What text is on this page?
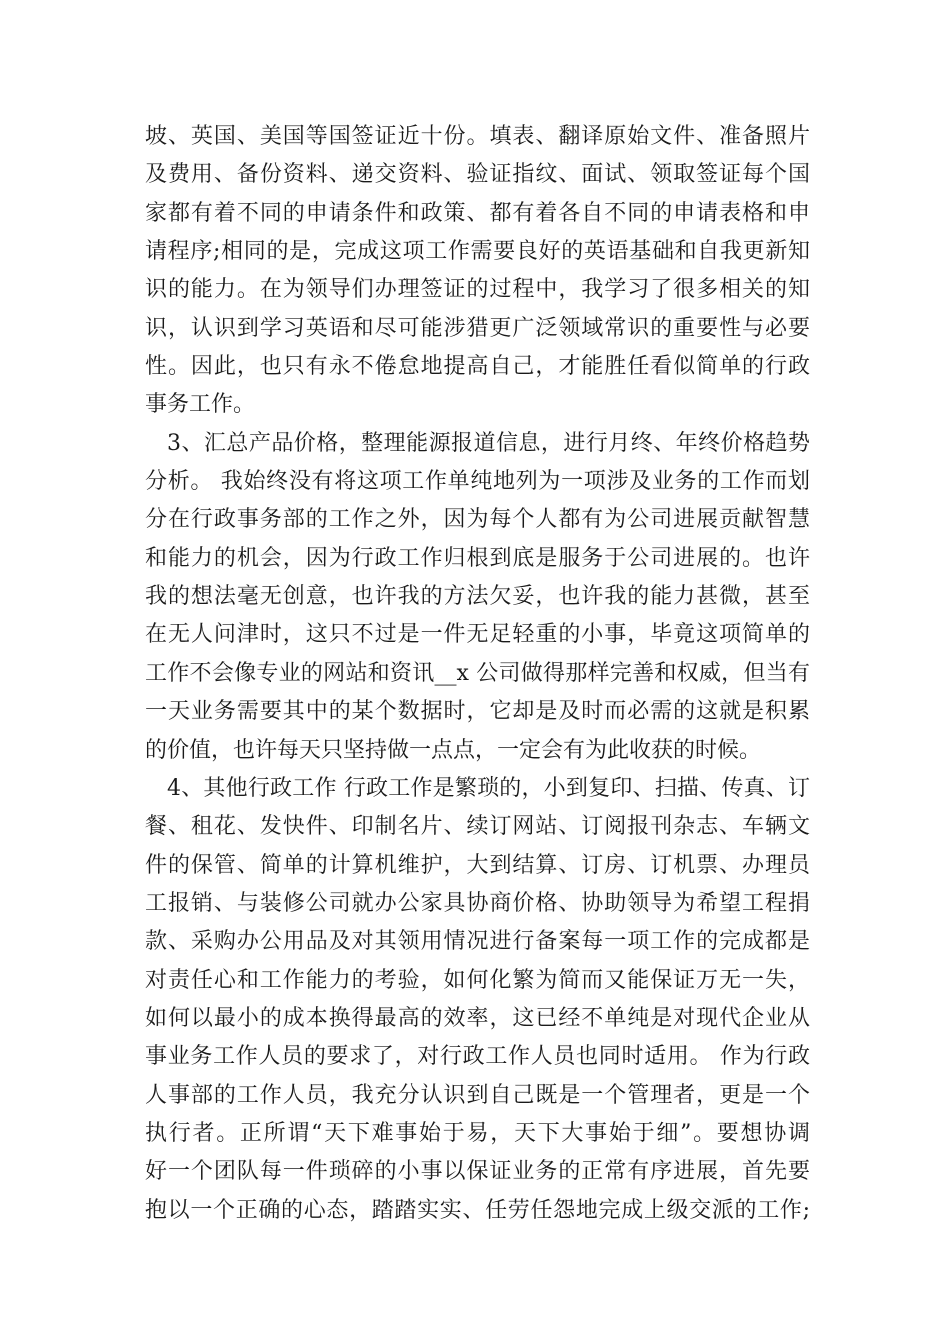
坡、英国、美国等国签证近十份。填表、翻译原始文件、准备照片
及费用、备份资料、递交资料、验证指纹、面试、领取签证每个国
家都有着不同的申请条件和政策、都有着各自不同的申请表格和申
请程序;相同的是，完成这项工作需要良好的英语基础和自我更新知
识的能力。在为领导们办理签证的过程中，我学习了很多相关的知
识，认识到学习英语和尽可能涉猎更广泛领域常识的重要性与必要
性。因此，也只有永不倦怠地提高自己，才能胜任看似简单的行政
事务工作。
3、汇总产品价格，整理能源报道信息，进行月终、年终价格趋势
分析。 我始终没有将这项工作单纯地列为一项涉及业务的工作而划
分在行政事务部的工作之外，因为每个人都有为公司进展贡献智慧
和能力的机会，因为行政工作归根到底是服务于公司进展的。也许
我的想法毫无创意，也许我的方法欠妥，也许我的能力甚微，甚至
在无人问津时，这只不过是一件无足轻重的小事，毕竟这项简单的
工作不会像专业的网站和资讯__x 公司做得那样完善和权威，但当有
一天业务需要其中的某个数据时，它却是及时而必需的这就是积累
的价值，也许每天只坚持做一点点，一定会有为此收获的时候。
4、其他行政工作 行政工作是繁琐的，小到复印、扫描、传真、订
餐、租花、发快件、印制名片、续订网站、订阅报刊杂志、车辆文
件的保管、简单的计算机维护，大到结算、订房、订机票、办理员
工报销、与装修公司就办公家具协商价格、协助领导为希望工程捐
款、采购办公用品及对其领用情况进行备案每一项工作的完成都是
对责任心和工作能力的考验，如何化繁为简而又能保证万无一失，
如何以最小的成本换得最高的效率，这已经不单纯是对现代企业从
事业务工作人员的要求了，对行政工作人员也同时适用。 作为行政
人事部的工作人员，我充分认识到自己既是一个管理者，更是一个
执行者。正所谓“天下难事始于易，天下大事始于细”。要想协调
好一个团队每一件琐碎的小事以保证业务的正常有序进展，首先要
抱以一个正确的心态，踏踏实实、任劳任怨地完成上级交派的工作;
